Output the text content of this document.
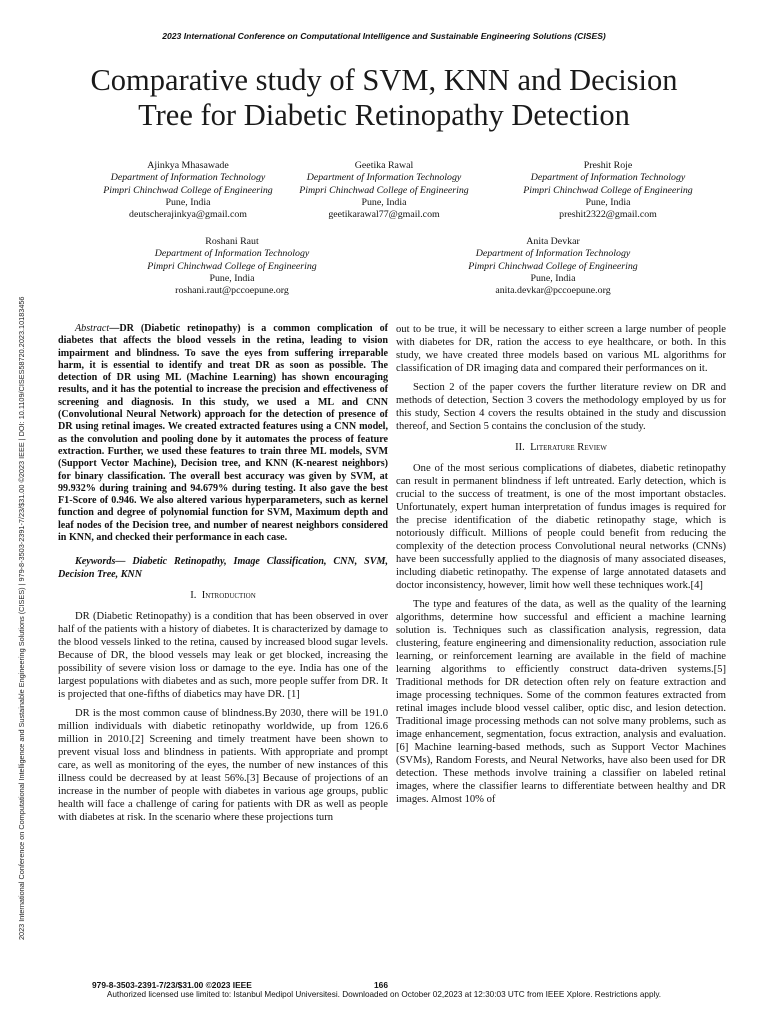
2023 International Conference on Computational Intelligence and Sustainable Engineering Solutions (CISES)
2023 International Conference on Computational Intelligence and Sustainable Engineering Solutions (CISES) | 979-8-3503-2391-7/23/$31.00 ©2023 IEEE | DOI: 10.1109/CISES58720.2023.10183456
Comparative study of SVM, KNN and Decision
Tree for Diabetic Retinopathy Detection
Ajinkya Mhasawade
Department of Information Technology
Pimpri Chinchwad College of Engineering
Pune, India
deutscherajinkya@gmail.com
Geetika Rawal
Department of Information Technology
Pimpri Chinchwad College of Engineering
Pune, India
geetikarawal77@gmail.com
Preshit Roje
Department of Information Technology
Pimpri Chinchwad College of Engineering
Pune, India
preshit2322@gmail.com
Roshani Raut
Department of Information Technology
Pimpri Chinchwad College of Engineering
Pune, India
roshani.raut@pccoepune.org
Anita Devkar
Department of Information Technology
Pimpri Chinchwad College of Engineering
Pune, India
anita.devkar@pccoepune.org

Abstract—DR (Diabetic retinopathy) is a common complication of diabetes that affects the blood vessels in the retina, leading to vision impairment and blindness. To save the eyes from suffering irreparable harm, it is essential to identify and treat DR as soon as possible. The detection of DR using ML (Machine Learning) has shown encouraging results, and it has the potential to increase the precision and effectiveness of screening and diagnosis. In this study, we used a ML and CNN (Convolutional Neural Network) approach for the detection of presence of DR using retinal images. We created extracted features using a CNN model, as the convolution and pooling done by it automates the process of feature extraction. Further, we used these features to train three ML models, SVM (Support Vector Machine), Decision tree, and KNN (K-nearest neighbors) for binary classification. The overall best accuracy was given by SVM, at 99.932% during training and 94.679% during testing. It also gave the best F1-Score of 0.946. We also altered various hyperparameters, such as kernel function and degree of polynomial function for SVM, Maximum depth and leaf nodes of the Decision tree, and number of nearest neighbors considered in KNN, and checked their performance in each case.

Keywords— Diabetic Retinopathy, Image Classification, CNN, SVM, Decision Tree, KNN

I. Introduction

DR (Diabetic Retinopathy) is a condition that has been observed in over half of the patients with a history of diabetes. It is characterized by damage to the blood vessels linked to the retina, caused by increased blood sugar levels. Because of DR, the blood vessels may leak or get blocked, increasing the possibility of severe vision loss or damage to the eye. India has one of the largest populations with diabetes and as such, more people suffer from DR. It is projected that one-fifths of diabetics may have DR. [1]

DR is the most common cause of blindness.By 2030, there will be 191.0 million individuals with diabetic retinopathy worldwide, up from 126.6 million in 2010.[2] Screening and timely treatment have been shown to prevent visual loss and blindness in patients. With appropriate and prompt care, as well as monitoring of the eyes, the number of new instances of this illness could be decreased by at least 56%.[3] Because of projections of an increase in the number of people with diabetes in various age groups, public health will face a challenge of caring for patients with DR as well as people with diabetes at risk. In the scenario where these projections turn

out to be true, it will be necessary to either screen a large number of people with diabetes for DR, ration the access to eye healthcare, or both. In this study, we have created three models based on various ML algorithms for classification of DR imaging data and compared their performances on it.

Section 2 of the paper covers the further literature review on DR and methods of detection, Section 3 covers the methodology employed by us for this study, Section 4 covers the results obtained in the study and discussion thereof, and Section 5 contains the conclusion of the study.

II. Literature Review

One of the most serious complications of diabetes, diabetic retinopathy can result in permanent blindness if left untreated. Early detection, which is crucial to the success of treatment, is one of the most important obstacles. Unfortunately, expert human interpretation of fundus images is required for the precise identification of the diabetic retinopathy stage, which is notoriously difficult. Millions of people could benefit from reducing the complexity of the detection process Convolutional neural networks (CNNs) have been successfully applied to the diagnosis of many associated diseases, including diabetic retinopathy. The expense of large annotated datasets and doctor inconsistency, however, limit how well these techniques work.[4]

The type and features of the data, as well as the quality of the learning algorithms, determine how successful and efficient a machine learning solution is. Techniques such as classification analysis, regression, data clustering, feature engineering and dimensionality reduction, association rule learning, or reinforcement learning are available in the field of machine learning algorithms to efficiently construct data-driven systems.[5] Traditional methods for DR detection often rely on feature extraction and image processing techniques. Some of the common features extracted from retinal images include blood vessel caliber, optic disc, and lesion detection. Traditional image processing methods can not solve many problems, such as image enhancement, segmentation, focus extraction, analysis and evaluation.[6] Machine learning-based methods, such as Support Vector Machines (SVMs), Random Forests, and Neural Networks, have also been used for DR detection. These methods involve training a classifier on labeled retinal images, where the classifier learns to differentiate between healthy and DR images. Almost 10% of

979-8-3503-2391-7/23/$31.00 ©2023 IEEE	166
Authorized licensed use limited to: Istanbul Medipol Universitesi. Downloaded on October 02,2023 at 12:30:03 UTC from IEEE Xplore. Restrictions apply.
